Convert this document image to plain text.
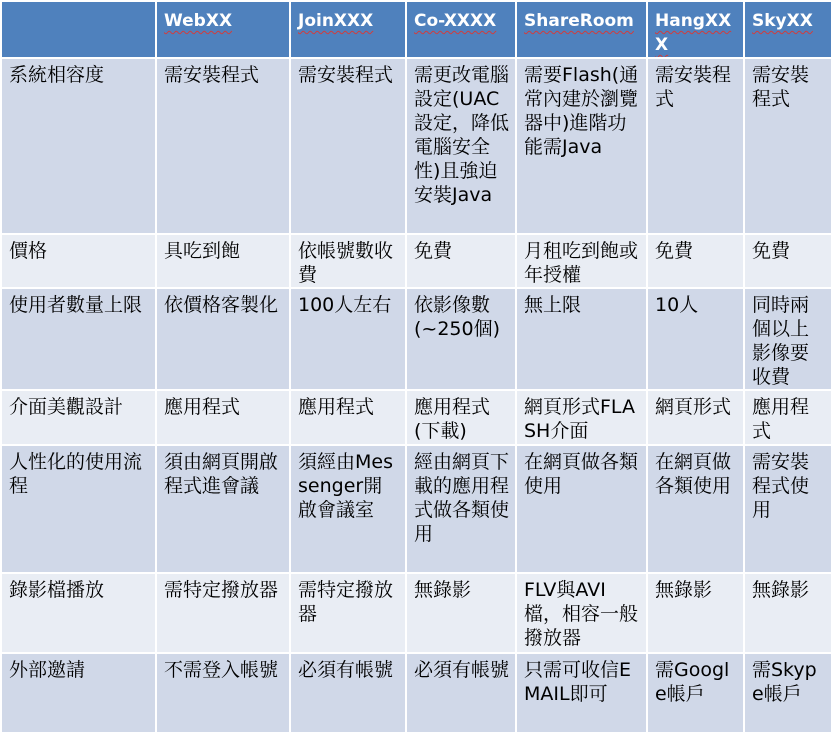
	WebXX	JoinXXX	Co-XXXX	ShareRoom	HangXXX	SkyXX
系統相容度	需安裝程式	需安裝程式	需更改電腦設定(UAC設定，降低電腦安全性)且強迫安裝Java	需要Flash(通常內建於瀏覽器中)進階功能需Java	需安裝程式	需安裝程式
價格	具吃到飽	依帳號數收費	免費	月租吃到飽或年授權	免費	免費
使用者數量上限	依價格客製化	100人左右	依影像數(~250個)	無上限	10人	同時兩個以上影像要收費
介面美觀設計	應用程式	應用程式	應用程式(下載)	網頁形式FLASH介面	網頁形式	應用程式
人性化的使用流程	須由網頁開啟程式進會議	須經由Messenger開啟會議室	經由網頁下載的應用程式做各類使用	在網頁做各類使用	在網頁做各類使用	需安裝程式使用
錄影檔播放	需特定撥放器	需特定撥放器	無錄影	FLV與AVI檔，相容一般撥放器	無錄影	無錄影
外部邀請	不需登入帳號	必須有帳號	必須有帳號	只需可收信EMAIL即可	需Google帳戶	需Skype帳戶
